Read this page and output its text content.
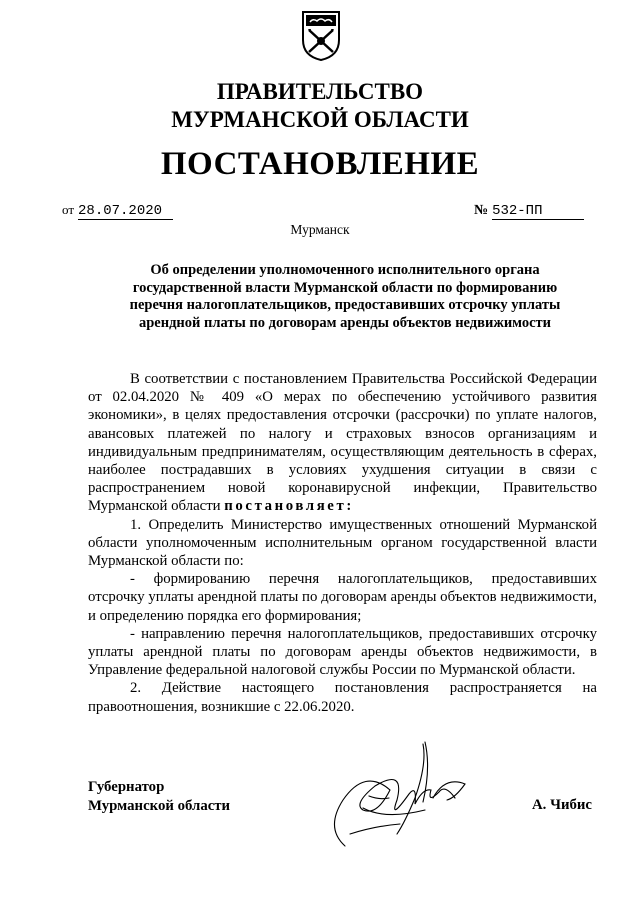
ПРАВИТЕЛЬСТВО
МУРМАНСКОЙ ОБЛАСТИ
ПОСТАНОВЛЕНИЕ
от 28.07.2020	№ 532-ПП
Мурманск
Об определении уполномоченного исполнительного органа
государственной власти Мурманской области по формированию
перечня налогоплательщиков, предоставивших отсрочку уплаты
арендной платы по договорам аренды объектов недвижимости

В соответствии с постановлением Правительства Российской Федерации от 02.04.2020 № 409 «О мерах по обеспечению устойчивого развития экономики», в целях предоставления отсрочки (рассрочки) по уплате налогов, авансовых платежей по налогу и страховых взносов организациям и индивидуальным предпринимателям, осуществляющим деятельность в сферах, наиболее пострадавших в условиях ухудшения ситуации в связи с распространением новой коронавирусной инфекции, Правительство Мурманской области постановляет:

1. Определить Министерство имущественных отношений Мурманской области уполномоченным исполнительным органом государственной власти Мурманской области по:

- формированию перечня налогоплательщиков, предоставивших отсрочку уплаты арендной платы по договорам аренды объектов недвижимости, и определению порядка его формирования;

- направлению перечня налогоплательщиков, предоставивших отсрочку уплаты арендной платы по договорам аренды объектов недвижимости, в Управление федеральной налоговой службы России по Мурманской области.

2. Действие настоящего постановления распространяется на правоотношения, возникшие с 22.06.2020.

Губернатор
Мурманской области	А. Чибис
